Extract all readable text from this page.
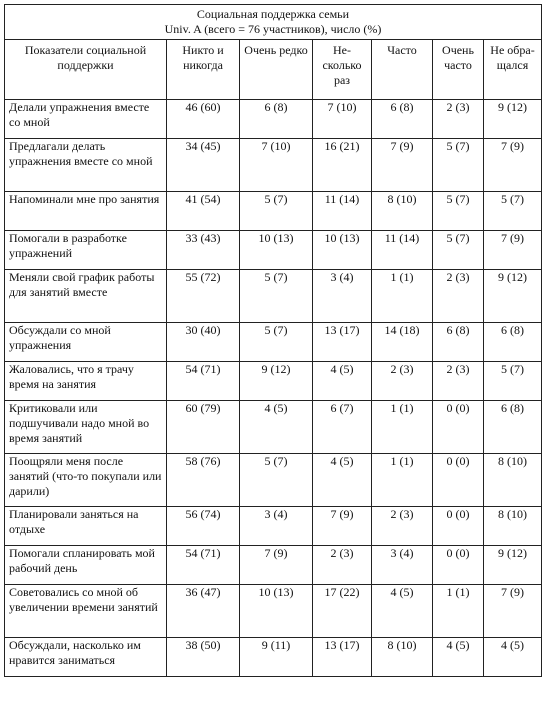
Социальная поддержка семьи
Univ. A (всего = 76 участников), число (%)						

Показатели социальной поддержки	Никто и никогда	Очень редко	Не-сколько раз	Часто	Очень часто	Не обра-щался
Делали упражнения вместе со мной	46 (60)	6 (8)	7 (10)	6 (8)	2 (3)	9 (12)
Предлагали делать упражнения вместе со мной	34 (45)	7 (10)	16 (21)	7 (9)	5 (7)	7 (9)
Напоминали мне про занятия	41 (54)	5 (7)	11 (14)	8 (10)	5 (7)	5 (7)
Помогали в разработке упражнений	33 (43)	10 (13)	10 (13)	11 (14)	5 (7)	7 (9)
Меняли свой график работы для занятий вместе	55 (72)	5 (7)	3 (4)	1 (1)	2 (3)	9 (12)
Обсуждали со мной упражнения	30 (40)	5 (7)	13 (17)	14 (18)	6 (8)	6 (8)
Жаловались, что я трачу время на занятия	54 (71)	9 (12)	4 (5)	2 (3)	2 (3)	5 (7)
Критиковали или подшучивали надо мной во время занятий	60 (79)	4 (5)	6 (7)	1 (1)	0 (0)	6 (8)
Поощряли меня после занятий (что-то покупали или дарили)	58 (76)	5 (7)	4 (5)	1 (1)	0 (0)	8 (10)
Планировали заняться на отдыхе	56 (74)	3 (4)	7 (9)	2 (3)	0 (0)	8 (10)
Помогали спланировать мой рабочий день	54 (71)	7 (9)	2 (3)	3 (4)	0 (0)	9 (12)
Советовались со мной об увеличении времени занятий	36 (47)	10 (13)	17 (22)	4 (5)	1 (1)	7 (9)
Обсуждали, насколько им нравится заниматься	38 (50)	9 (11)	13 (17)	8 (10)	4 (5)	4 (5)
